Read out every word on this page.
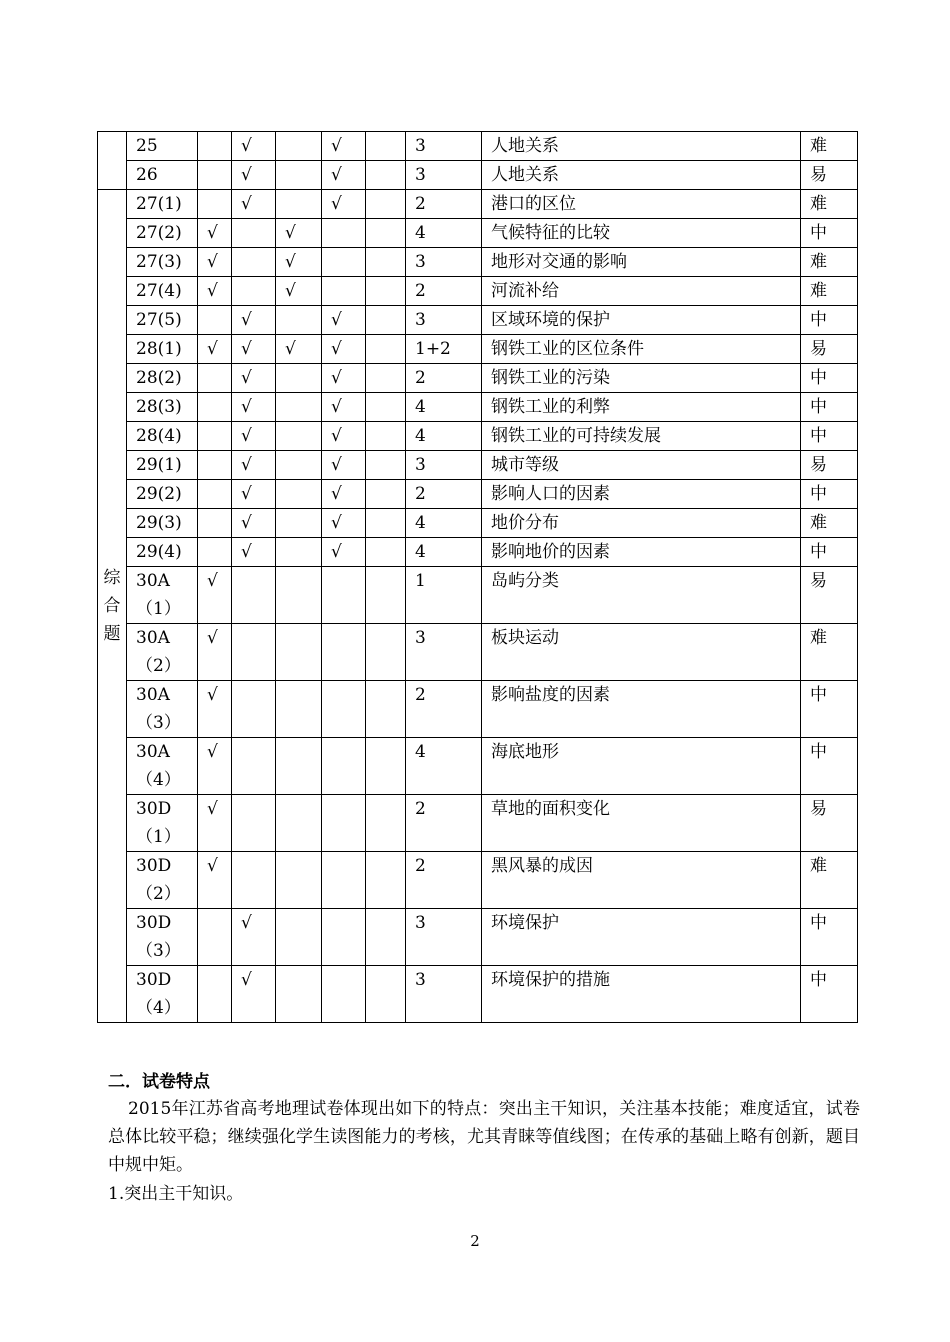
	25		√		√		3	人地关系	难
	26		√		√		3	人地关系	易
综合题	27(1)		√		√		2	港口的区位	难
	27(2)	√		√			4	气候特征的比较	中
	27(3)	√		√			3	地形对交通的影响	难
	27(4)	√		√			2	河流补给	难
	27(5)		√		√		3	区域环境的保护	中
	28(1)	√	√	√	√		1+2	钢铁工业的区位条件	易
	28(2)		√		√		2	钢铁工业的污染	中
	28(3)		√		√		4	钢铁工业的利弊	中
	28(4)		√		√		4	钢铁工业的可持续发展	中
	29(1)		√		√		3	城市等级	易
	29(2)		√		√		2	影响人口的因素	中
	29(3)		√		√		4	地价分布	难
	29(4)		√		√		4	影响地价的因素	中
	30A（1）	√					1	岛屿分类	易
	30A（2）	√					3	板块运动	难
	30A（3）	√					2	影响盐度的因素	中
	30A（4）	√					4	海底地形	中
	30D（1）	√					2	草地的面积变化	易
	30D（2）	√					2	黑风暴的成因	难
	30D（3）		√				3	环境保护	中
	30D（4）		√				3	环境保护的措施	中
二．试卷特点
2015年江苏省高考地理试卷体现出如下的特点：突出主干知识，关注基本技能；难度适宜，试卷总体比较平稳；继续强化学生读图能力的考核，尤其青睐等值线图；在传承的基础上略有创新，题目中规中矩。
1.突出主干知识。
2
